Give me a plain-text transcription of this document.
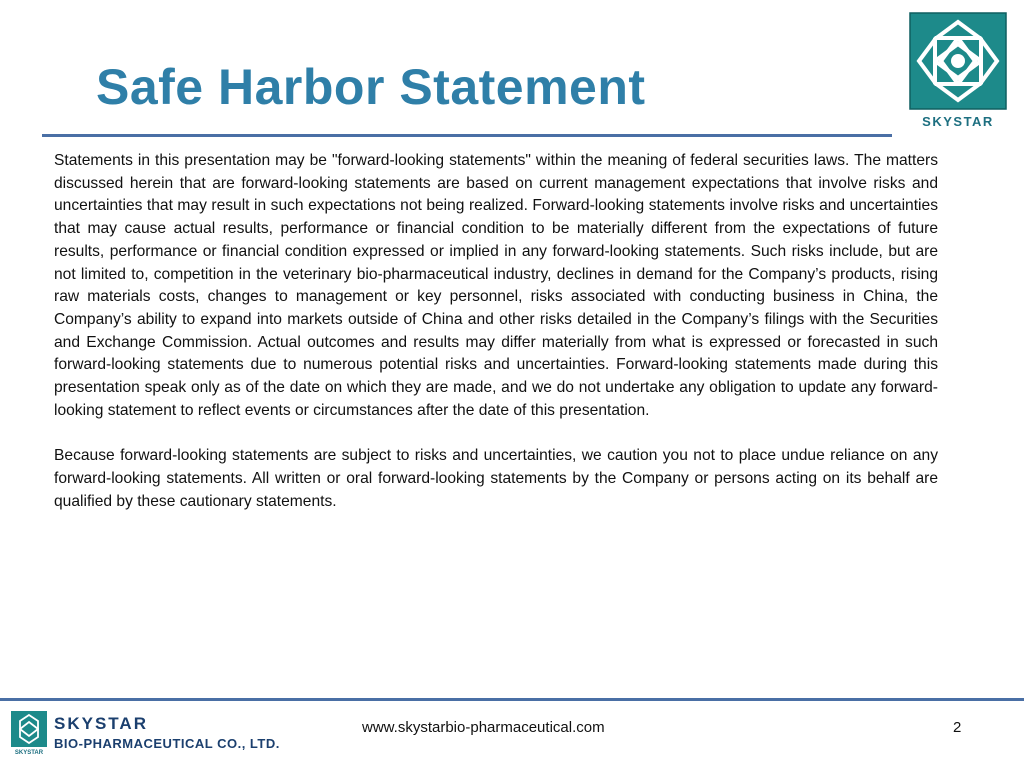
Safe Harbor Statement
SKYSTAR

Statements in this presentation may be "forward-looking statements" within the meaning of federal securities laws. The matters discussed herein that are forward-looking statements are based on current management expectations that involve risks and uncertainties that may result in such expectations not being realized. Forward-looking statements involve risks and uncertainties that may cause actual results, performance or financial condition to be materially different from the expectations of future results, performance or financial condition expressed or implied in any forward-looking statements. Such risks include, but are not limited to, competition in the veterinary bio-pharmaceutical industry, declines in demand for the Company’s products, rising raw materials costs, changes to management or key personnel, risks associated with conducting business in China, the Company’s ability to expand into markets outside of China and other risks detailed in the Company’s filings with the Securities and Exchange Commission. Actual outcomes and results may differ materially from what is expressed or forecasted in such forward-looking statements due to numerous potential risks and uncertainties. Forward-looking statements made during this presentation speak only as of the date on which they are made, and we do not undertake any obligation to update any forward-looking statement to reflect events or circumstances after the date of this presentation.

Because forward-looking statements are subject to risks and uncertainties, we caution you not to place undue reliance on any forward-looking statements. All written or oral forward-looking statements by the Company or persons acting on its behalf are qualified by these cautionary statements.

SKYSTAR
SKYSTAR
BIO-PHARMACEUTICAL CO., LTD.
www.skystarbio-pharmaceutical.com	2
